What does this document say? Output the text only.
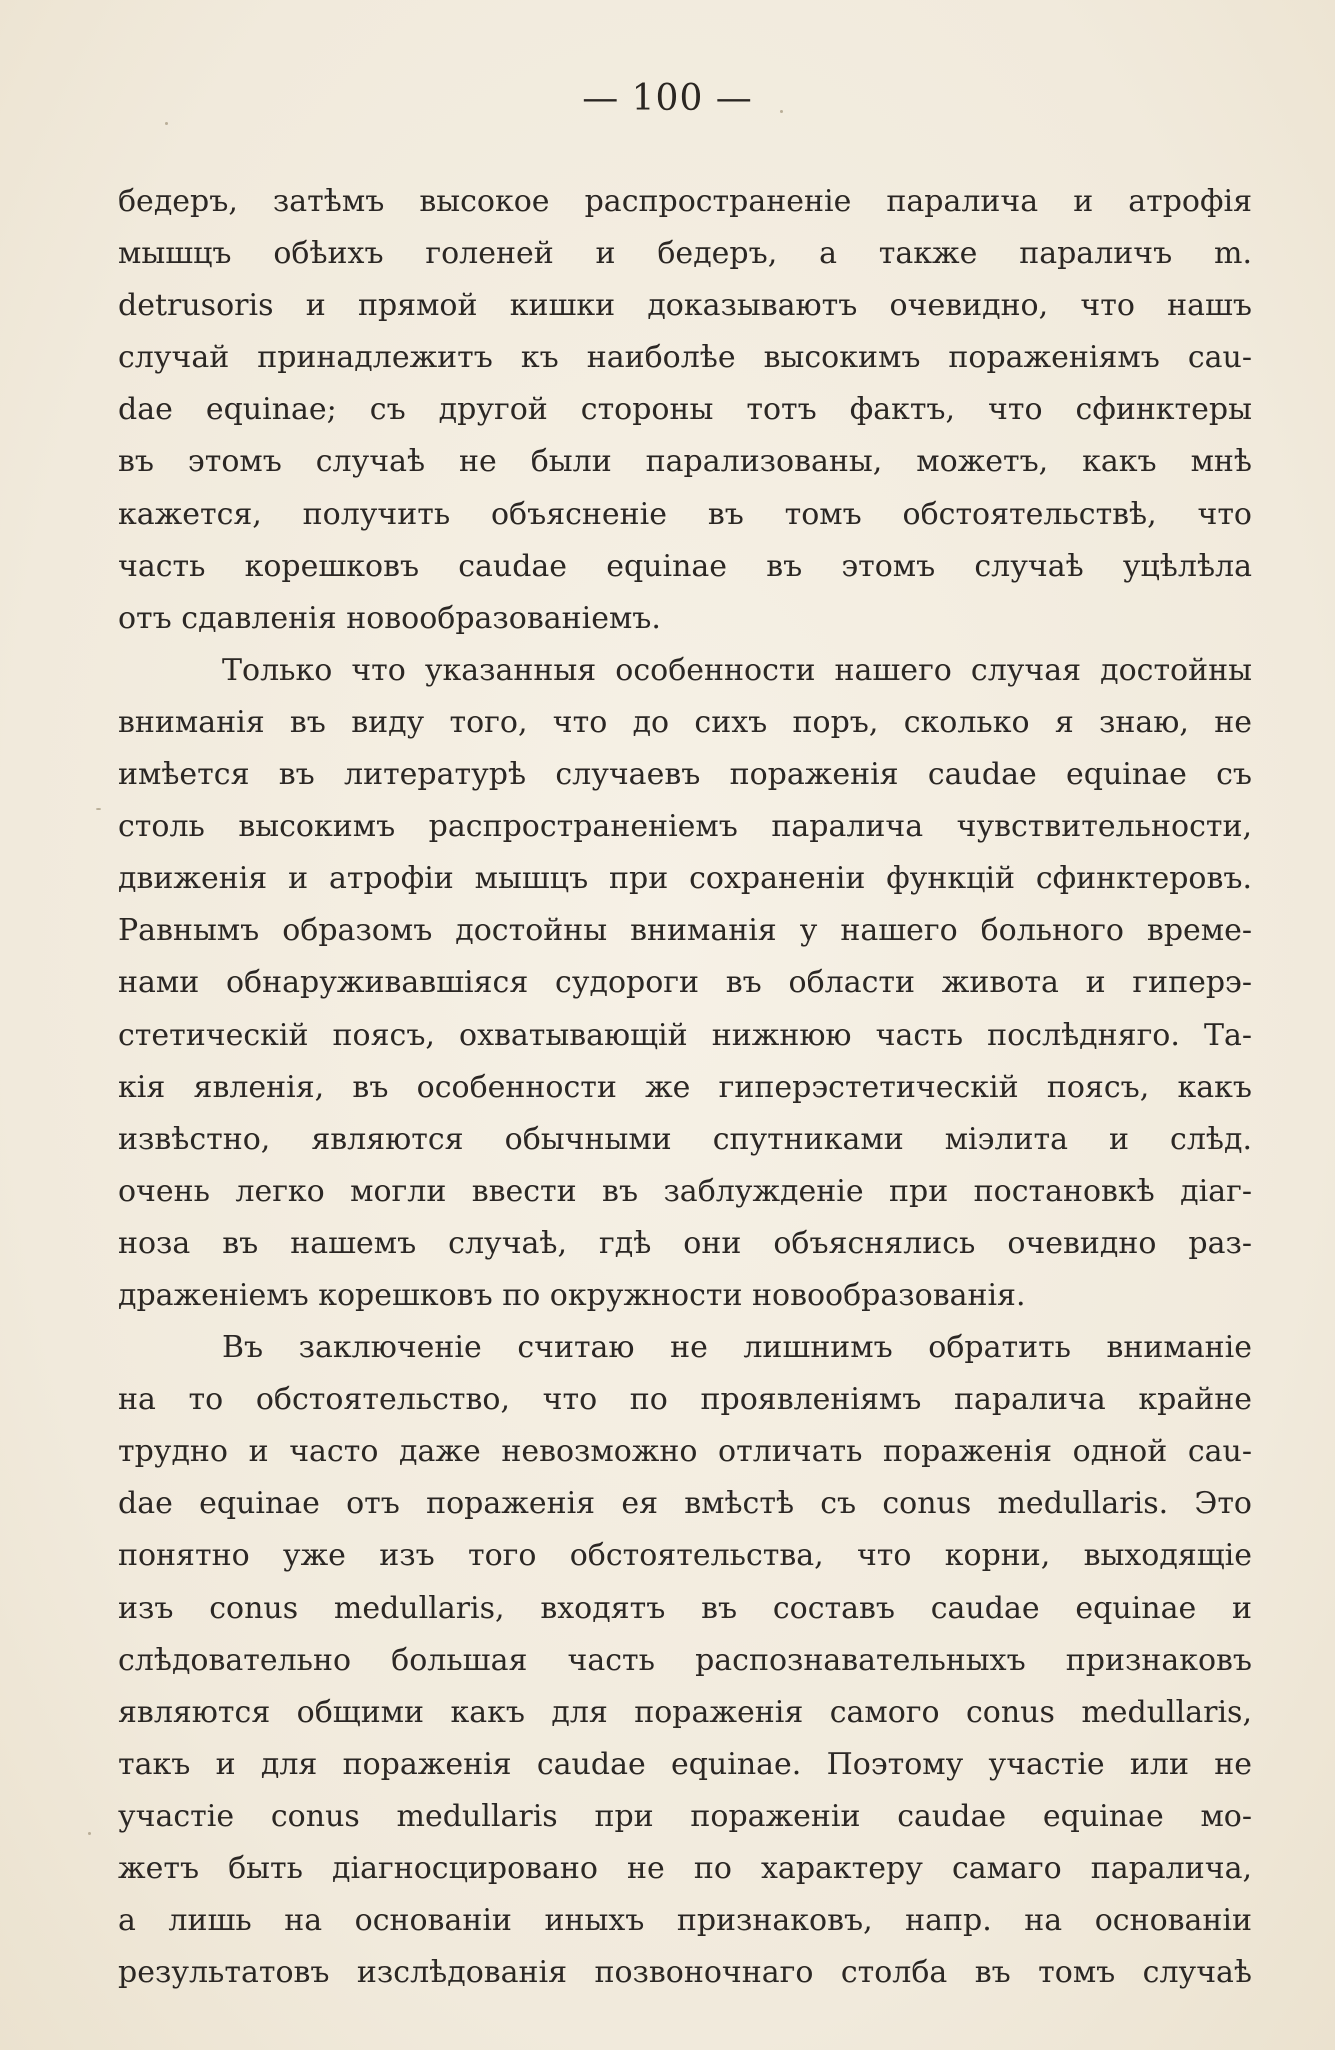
— 100 —
бедеръ, затѣмъ высокое распространеніе паралича и атрофія
мышцъ обѣихъ голеней и бедеръ, а также параличъ m.
detrusoris и прямой кишки доказываютъ очевидно, что нашъ
случай принадлежитъ къ наиболѣе высокимъ пораженіямъ cau-
dae equinae; съ другой стороны тотъ фактъ, что сфинктеры
въ этомъ случаѣ не были парализованы, можетъ, какъ мнѣ
кажется, получить объясненіе въ томъ обстоятельствѣ, что
часть корешковъ caudae equinae въ этомъ случаѣ уцѣлѣла
отъ сдавленія новообразованіемъ.
Только что указанныя особенности нашего случая достойны
вниманія въ виду того, что до сихъ поръ, сколько я знаю, не
имѣется въ литературѣ случаевъ пораженія caudae equinae съ
столь высокимъ распространеніемъ паралича чувствительности,
движенія и атрофіи мышцъ при сохраненіи функцій сфинктеровъ.
Равнымъ образомъ достойны вниманія у нашего больного време-
нами обнаруживавшіяся судороги въ области живота и гиперэ-
стетическій поясъ, охватывающій нижнюю часть послѣдняго. Та-
кія явленія, въ особенности же гиперэстетическій поясъ, какъ
извѣстно, являются обычными спутниками міэлита и слѣд.
очень легко могли ввести въ заблужденіе при постановкѣ діаг-
ноза въ нашемъ случаѣ, гдѣ они объяснялись очевидно раз-
драженіемъ корешковъ по окружности новообразованія.
Въ заключеніе считаю не лишнимъ обратить вниманіе
на то обстоятельство, что по проявленіямъ паралича крайне
трудно и часто даже невозможно отличать пораженія одной cau-
dae equinae отъ пораженія ея вмѣстѣ съ conus medullaris. Это
понятно уже изъ того обстоятельства, что корни, выходящіе
изъ conus medullaris, входятъ въ составъ caudae equinae и
слѣдовательно большая часть распознавательныхъ признаковъ
являются общими какъ для пораженія самого conus medullaris,
такъ и для пораженія caudae equinae. Поэтому участіе или не
участіе conus medullaris при пораженіи caudae equinae мо-
жетъ быть діагносцировано не по характеру самаго паралича,
а лишь на основаніи иныхъ признаковъ, напр. на основаніи
результатовъ изслѣдованія позвоночнаго столба въ томъ случаѣ
